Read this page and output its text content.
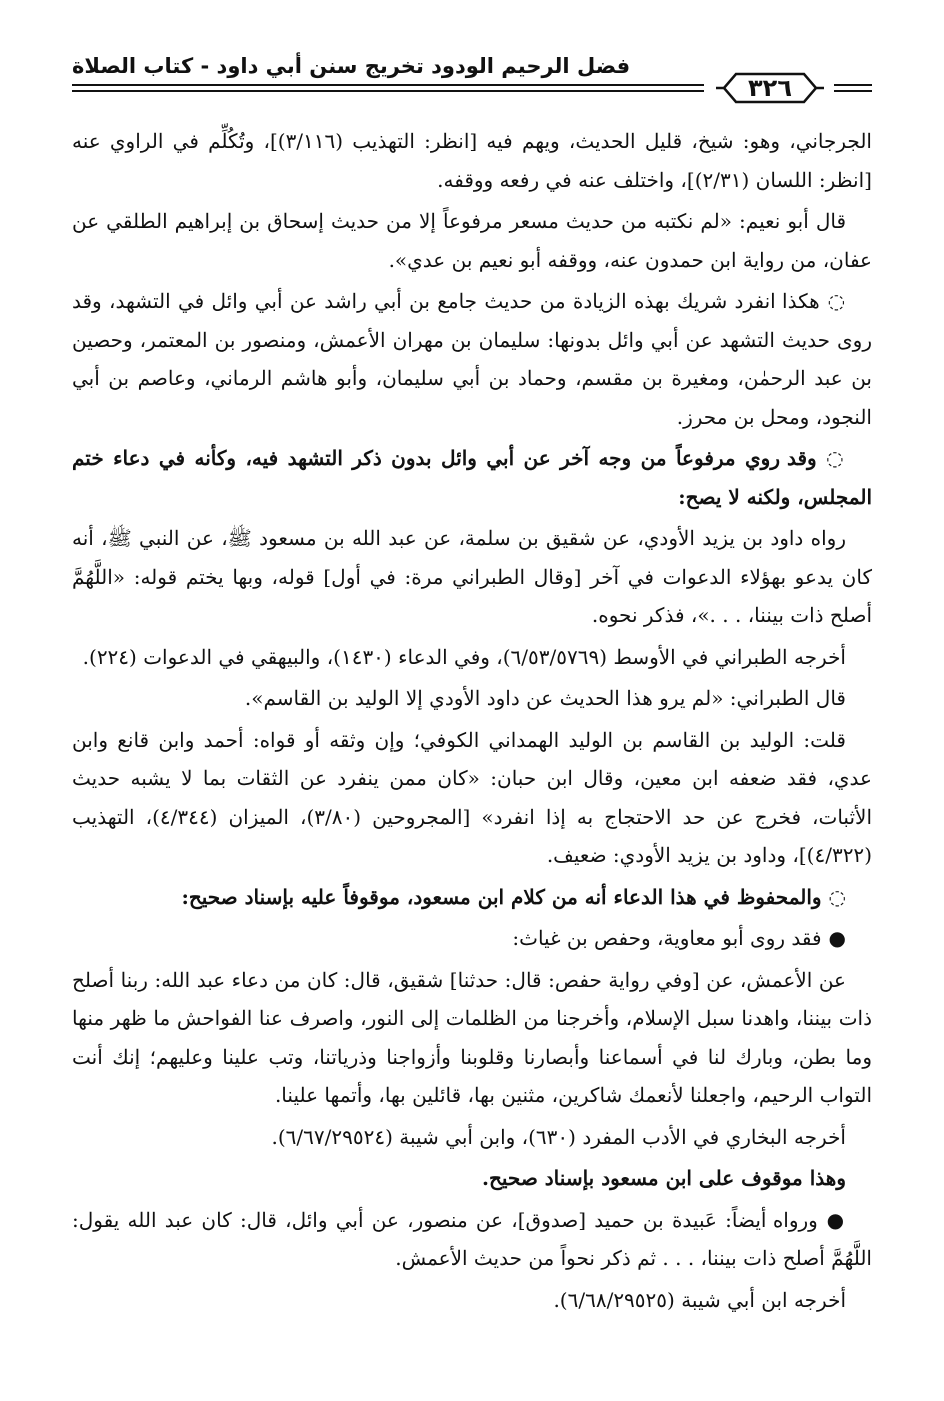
فضل الرحيم الودود تخريج سنن أبي داود - كتاب الصلاة
٣٢٦

الجرجاني، وهو: شيخ، قليل الحديث، ويهم فيه [انظر: التهذيب (٣/١١٦)]، وتُكُلِّم في الراوي عنه [انظر: اللسان (٢/٣١)]، واختلف عنه في رفعه ووقفه.

قال أبو نعيم: «لم نكتبه من حديث مسعر مرفوعاً إلا من حديث إسحاق بن إبراهيم الطلقي عن عفان، من رواية ابن حمدون عنه، ووقفه أبو نعيم بن عدي».

◌ هكذا انفرد شريك بهذه الزيادة من حديث جامع بن أبي راشد عن أبي وائل في التشهد، وقد روى حديث التشهد عن أبي وائل بدونها: سليمان بن مهران الأعمش، ومنصور بن المعتمر، وحصين بن عبد الرحمٰن، ومغيرة بن مقسم، وحماد بن أبي سليمان، وأبو هاشم الرماني، وعاصم بن أبي النجود، ومحل بن محرز.

◌ وقد روي مرفوعاً من وجه آخر عن أبي وائل بدون ذكر التشهد فيه، وكأنه في دعاء ختم المجلس، ولكنه لا يصح:

رواه داود بن يزيد الأودي، عن شقيق بن سلمة، عن عبد الله بن مسعود ﷺ، عن النبي ﷺ، أنه كان يدعو بهؤلاء الدعوات في آخر [وقال الطبراني مرة: في أول] قوله، وبها يختم قوله: «اللَّهُمَّ أصلح ذات بيننا، . . .»، فذكر نحوه.

أخرجه الطبراني في الأوسط (٦/٥٣/٥٧٦٩)، وفي الدعاء (١٤٣٠)، والبيهقي في الدعوات (٢٢٤).

قال الطبراني: «لم يرو هذا الحديث عن داود الأودي إلا الوليد بن القاسم».

قلت: الوليد بن القاسم بن الوليد الهمداني الكوفي؛ وإن وثقه أو قواه: أحمد وابن قانع وابن عدي، فقد ضعفه ابن معين، وقال ابن حبان: «كان ممن ينفرد عن الثقات بما لا يشبه حديث الأثبات، فخرج عن حد الاحتجاج به إذا انفرد» [المجروحين (٣/٨٠)، الميزان (٤/٣٤٤)، التهذيب (٤/٣٢٢)]، وداود بن يزيد الأودي: ضعيف.

◌ والمحفوظ في هذا الدعاء أنه من كلام ابن مسعود، موقوفاً عليه بإسناد صحيح:

● فقد روى أبو معاوية، وحفص بن غياث:

عن الأعمش، عن [وفي رواية حفص: قال: حدثنا] شقيق، قال: كان من دعاء عبد الله: ربنا أصلح ذات بيننا، واهدنا سبل الإسلام، وأخرجنا من الظلمات إلى النور، واصرف عنا الفواحش ما ظهر منها وما بطن، وبارك لنا في أسماعنا وأبصارنا وقلوبنا وأزواجنا وذرياتنا، وتب علينا وعليهم؛ إنك أنت التواب الرحيم، واجعلنا لأنعمك شاكرين، مثنين بها، قائلين بها، وأتمها علينا.

أخرجه البخاري في الأدب المفرد (٦٣٠)، وابن أبي شيبة (٦/٦٧/٢٩٥٢٤).

وهذا موقوف على ابن مسعود بإسناد صحيح.

● ورواه أيضاً: عَبيدة بن حميد [صدوق]، عن منصور، عن أبي وائل، قال: كان عبد الله يقول: اللَّهُمَّ أصلح ذات بيننا، . . . ثم ذكر نحواً من حديث الأعمش.

أخرجه ابن أبي شيبة (٦/٦٨/٢٩٥٢٥).
